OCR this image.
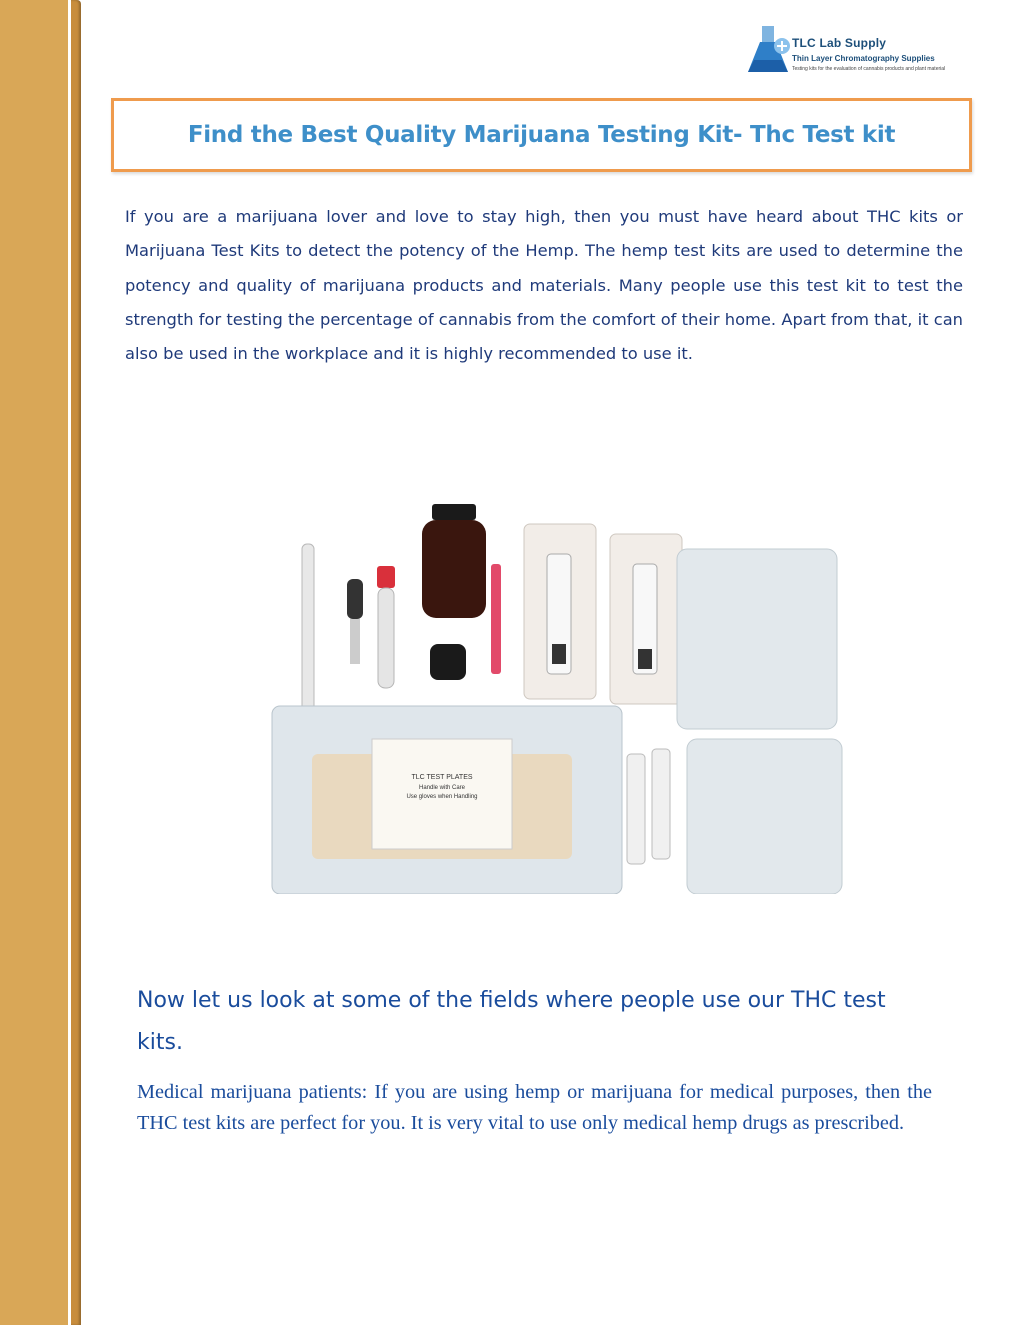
TLC Lab Supply
Thin Layer Chromatography Supplies
Testing kits for the evaluation of cannabis products and plant material
Find the Best Quality Marijuana Testing Kit- Thc Test kit

If you are a marijuana lover and love to stay high, then you must have heard about THC kits or Marijuana Test Kits to detect the potency of the Hemp. The hemp test kits are used to determine the potency and quality of marijuana products and materials. Many people use this test kit to test the strength for testing the percentage of cannabis from the comfort of their home. Apart from that, it can also be used in the workplace and it is highly recommended to use it.

TLC TEST PLATES
Handle with Care
Use gloves when Handling
Now let us look at some of the fields where people use our THC test kits.

Medical marijuana patients: If you are using hemp or marijuana for medical purposes, then the THC test kits are perfect for you. It is very vital to use only medical hemp drugs as prescribed.
